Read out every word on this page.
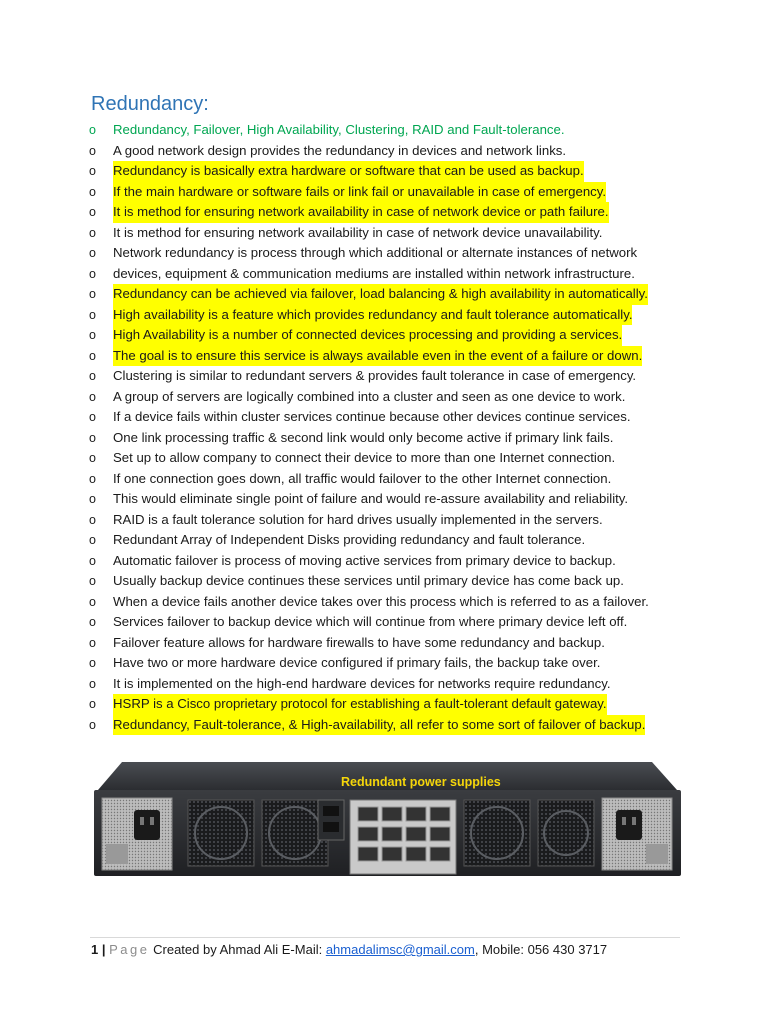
Redundancy:
o Redundancy, Failover, High Availability, Clustering, RAID and Fault-tolerance.
o A good network design provides the redundancy in devices and network links.
o Redundancy is basically extra hardware or software that can be used as backup.
o If the main hardware or software fails or link fail or unavailable in case of emergency.
o It is method for ensuring network availability in case of network device or path failure.
o It is method for ensuring network availability in case of network device unavailability.
o Network redundancy is process through which additional or alternate instances of network
o devices, equipment & communication mediums are installed within network infrastructure.
o Redundancy can be achieved via failover, load balancing & high availability in automatically.
o High availability is a feature which provides redundancy and fault tolerance automatically.
o High Availability is a number of connected devices processing and providing a services.
o The goal is to ensure this service is always available even in the event of a failure or down.
o Clustering is similar to redundant servers & provides fault tolerance in case of emergency.
o A group of servers are logically combined into a cluster and seen as one device to work.
o If a device fails within cluster services continue because other devices continue services.
o One link processing traffic & second link would only become active if primary link fails.
o Set up to allow company to connect their device to more than one Internet connection.
o If one connection goes down, all traffic would failover to the other Internet connection.
o This would eliminate single point of failure and would re-assure availability and reliability.
o RAID is a fault tolerance solution for hard drives usually implemented in the servers.
o Redundant Array of Independent Disks providing redundancy and fault tolerance.
o Automatic failover is process of moving active services from primary device to backup.
o Usually backup device continues these services until primary device has come back up.
o When a device fails another device takes over this process which is referred to as a failover.
o Services failover to backup device which will continue from where primary device left off.
o Failover feature allows for hardware firewalls to have some redundancy and backup.
o Have two or more hardware device configured if primary fails, the backup take over.
o It is implemented on the high-end hardware devices for networks require redundancy.
o HSRP is a Cisco proprietary protocol for establishing a fault-tolerant default gateway.
o Redundancy, Fault-tolerance, & High-availability, all refer to some sort of failover of backup.
Redundant power supplies
1 | Page Created by Ahmad Ali E-Mail: ahmadalimsc@gmail.com, Mobile: 056 430 3717
